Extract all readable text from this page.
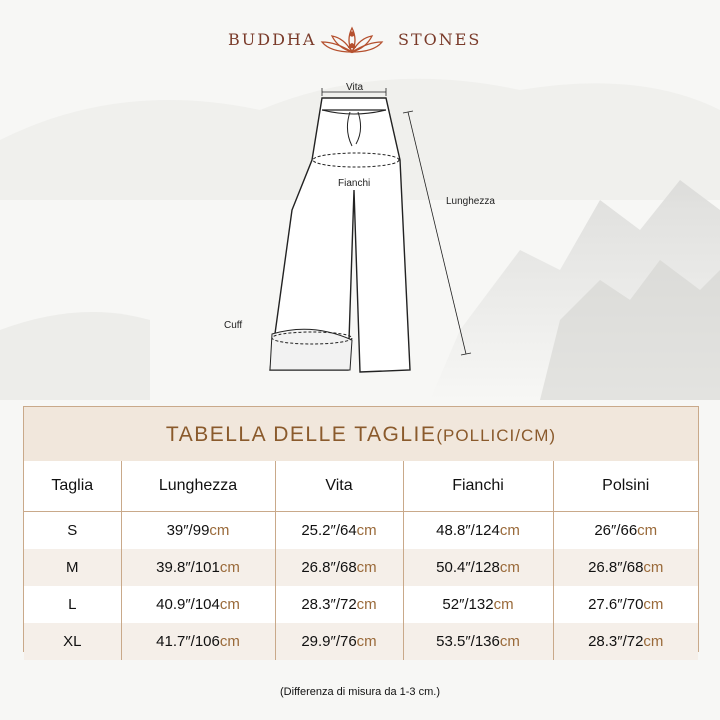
BUDDHA	STONES
Vita
Fianchi
Lunghezza
Cuff
TABELLA DELLE TAGLIE(POLLICI/CM)
Taglia	Lunghezza	Vita	Fianchi	Polsini
S	39″/99cm	25.2″/64cm	48.8″/124cm	26″/66cm
M	39.8″/101cm	26.8″/68cm	50.4″/128cm	26.8″/68cm
L	40.9″/104cm	28.3″/72cm	52″/132cm	27.6″/70cm
XL	41.7″/106cm	29.9″/76cm	53.5″/136cm	28.3″/72cm
(Differenza di misura da 1-3 cm.)
